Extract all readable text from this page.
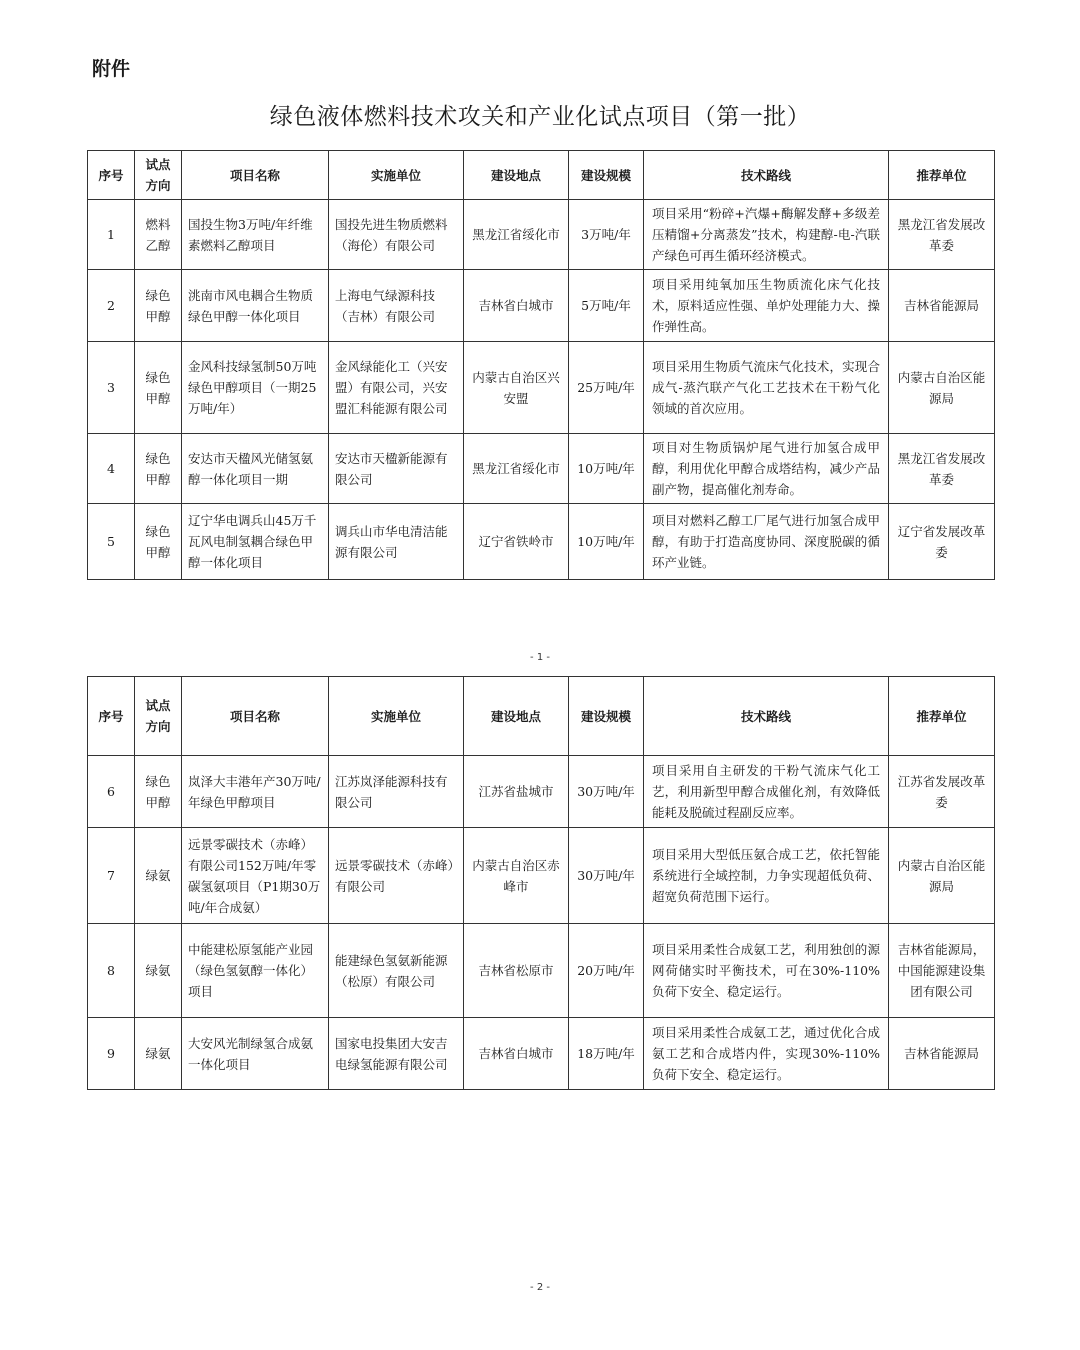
附件
绿色液体燃料技术攻关和产业化试点项目（第一批）
序号	试点方向	项目名称	实施单位	建设地点	建设规模	技术路线	推荐单位
1	燃料乙醇	国投生物3万吨/年纤维素燃料乙醇项目	国投先进生物质燃料（海伦）有限公司	黑龙江省绥化市	3万吨/年	项目采用“粉碎+汽爆+酶解发酵+多级差压精馏+分离蒸发”技术，构建醇-电-汽联产绿色可再生循环经济模式。	黑龙江省发展改革委
2	绿色甲醇	洮南市风电耦合生物质绿色甲醇一体化项目	上海电气绿源科技（吉林）有限公司	吉林省白城市	5万吨/年	项目采用纯氧加压生物质流化床气化技术，原料适应性强、单炉处理能力大、操作弹性高。	吉林省能源局
3	绿色甲醇	金风科技绿氢制50万吨绿色甲醇项目（一期25万吨/年）	金风绿能化工（兴安盟）有限公司，兴安盟汇科能源有限公司	内蒙古自治区兴安盟	25万吨/年	项目采用生物质气流床气化技术，实现合成气-蒸汽联产气化工艺技术在干粉气化领域的首次应用。	内蒙古自治区能源局
4	绿色甲醇	安达市天楹风光储氢氨醇一体化项目一期	安达市天楹新能源有限公司	黑龙江省绥化市	10万吨/年	项目对生物质锅炉尾气进行加氢合成甲醇，利用优化甲醇合成塔结构，减少产品副产物，提高催化剂寿命。	黑龙江省发展改革委
5	绿色甲醇	辽宁华电调兵山45万千瓦风电制氢耦合绿色甲醇一体化项目	调兵山市华电清洁能源有限公司	辽宁省铁岭市	10万吨/年	项目对燃料乙醇工厂尾气进行加氢合成甲醇，有助于打造高度协同、深度脱碳的循环产业链。	辽宁省发展改革委
- 1 -
序号	试点方向	项目名称	实施单位	建设地点	建设规模	技术路线	推荐单位
6	绿色甲醇	岚泽大丰港年产30万吨/年绿色甲醇项目	江苏岚泽能源科技有限公司	江苏省盐城市	30万吨/年	项目采用自主研发的干粉气流床气化工艺，利用新型甲醇合成催化剂，有效降低能耗及脱硫过程副反应率。	江苏省发展改革委
7	绿氨	远景零碳技术（赤峰）有限公司152万吨/年零碳氢氨项目（P1期30万吨/年合成氨）	远景零碳技术（赤峰）有限公司	内蒙古自治区赤峰市	30万吨/年	项目采用大型低压氨合成工艺，依托智能系统进行全域控制，力争实现超低负荷、超宽负荷范围下运行。	内蒙古自治区能源局
8	绿氨	中能建松原氢能产业园（绿色氢氨醇一体化）项目	能建绿色氢氨新能源（松原）有限公司	吉林省松原市	20万吨/年	项目采用柔性合成氨工艺，利用独创的源网荷储实时平衡技术，可在30%-110%负荷下安全、稳定运行。	吉林省能源局，中国能源建设集团有限公司
9	绿氨	大安风光制绿氢合成氨一体化项目	国家电投集团大安吉电绿氢能源有限公司	吉林省白城市	18万吨/年	项目采用柔性合成氨工艺，通过优化合成氨工艺和合成塔内件，实现30%-110%负荷下安全、稳定运行。	吉林省能源局
- 2 -
